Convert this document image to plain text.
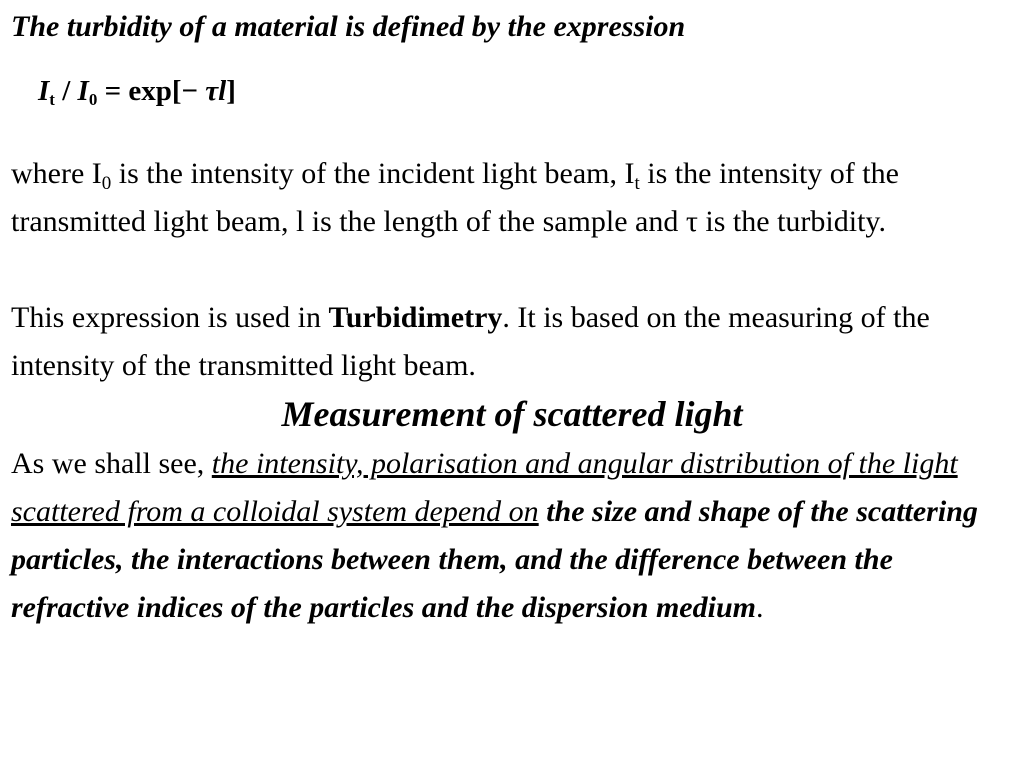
The turbidity of a material is defined by the expression
$I_t / I_0 = \exp[- \tau l]$

where $I_0$ is the intensity of the incident light beam, $I_t$ is the intensity of the transmitted light beam, l is the length of the sample and τ is the turbidity.

This expression is used in Turbidimetry. It is based on the measuring of the intensity of the transmitted light beam.

Measurement of scattered light

As we shall see, the intensity, polarisation and angular distribution of the light scattered from a colloidal system depend on the size and shape of the scattering particles, the interactions between them, and the difference between the refractive indices of the particles and the dispersion medium.
